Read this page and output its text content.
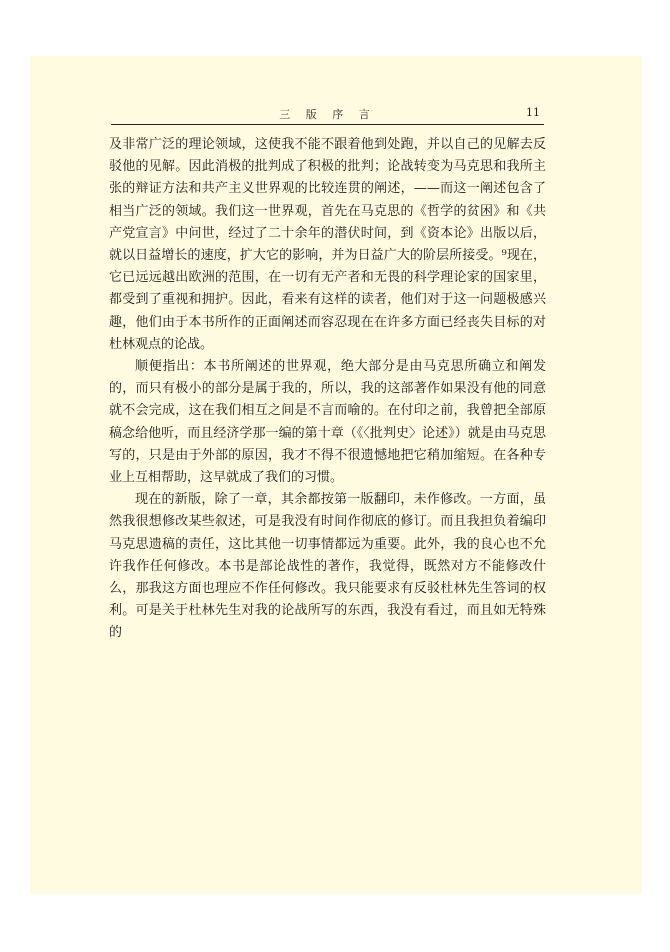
三 版 序 言	11

及非常广泛的理论领域，这使我不能不跟着他到处跑，并以自己的见解去反驳他的见解。因此消极的批判成了积极的批判；论战转变为马克思和我所主张的辩证方法和共产主义世界观的比较连贯的阐述，——而这一阐述包含了相当广泛的领域。我们这一世界观，首先在马克思的《哲学的贫困》和《共产党宣言》中问世，经过了二十余年的潜伏时间，到《资本论》出版以后，就以日益增长的速度，扩大它的影响，并为日益广大的阶层所接受。⁹现在，它已远远越出欧洲的范围，在一切有无产者和无畏的科学理论家的国家里，都受到了重视和拥护。因此，看来有这样的读者，他们对于这一问题极感兴趣，他们由于本书所作的正面阐述而容忍现在在许多方面已经丧失目标的对杜林观点的论战。

顺便指出：本书所阐述的世界观，绝大部分是由马克思所确立和阐发的，而只有极小的部分是属于我的，所以，我的这部著作如果没有他的同意就不会完成，这在我们相互之间是不言而喻的。在付印之前，我曾把全部原稿念给他听，而且经济学那一编的第十章（《〈批判史〉论述》）就是由马克思写的，只是由于外部的原因，我才不得不很遗憾地把它稍加缩短。在各种专业上互相帮助，这早就成了我们的习惯。

现在的新版，除了一章，其余都按第一版翻印，未作修改。一方面，虽然我很想修改某些叙述，可是我没有时间作彻底的修订。而且我担负着编印马克思遗稿的责任，这比其他一切事情都远为重要。此外，我的良心也不允许我作任何修改。本书是部论战性的著作，我觉得，既然对方不能修改什么，那我这方面也理应不作任何修改。我只能要求有反驳杜林先生答词的权利。可是关于杜林先生对我的论战所写的东西，我没有看过，而且如无特殊的
